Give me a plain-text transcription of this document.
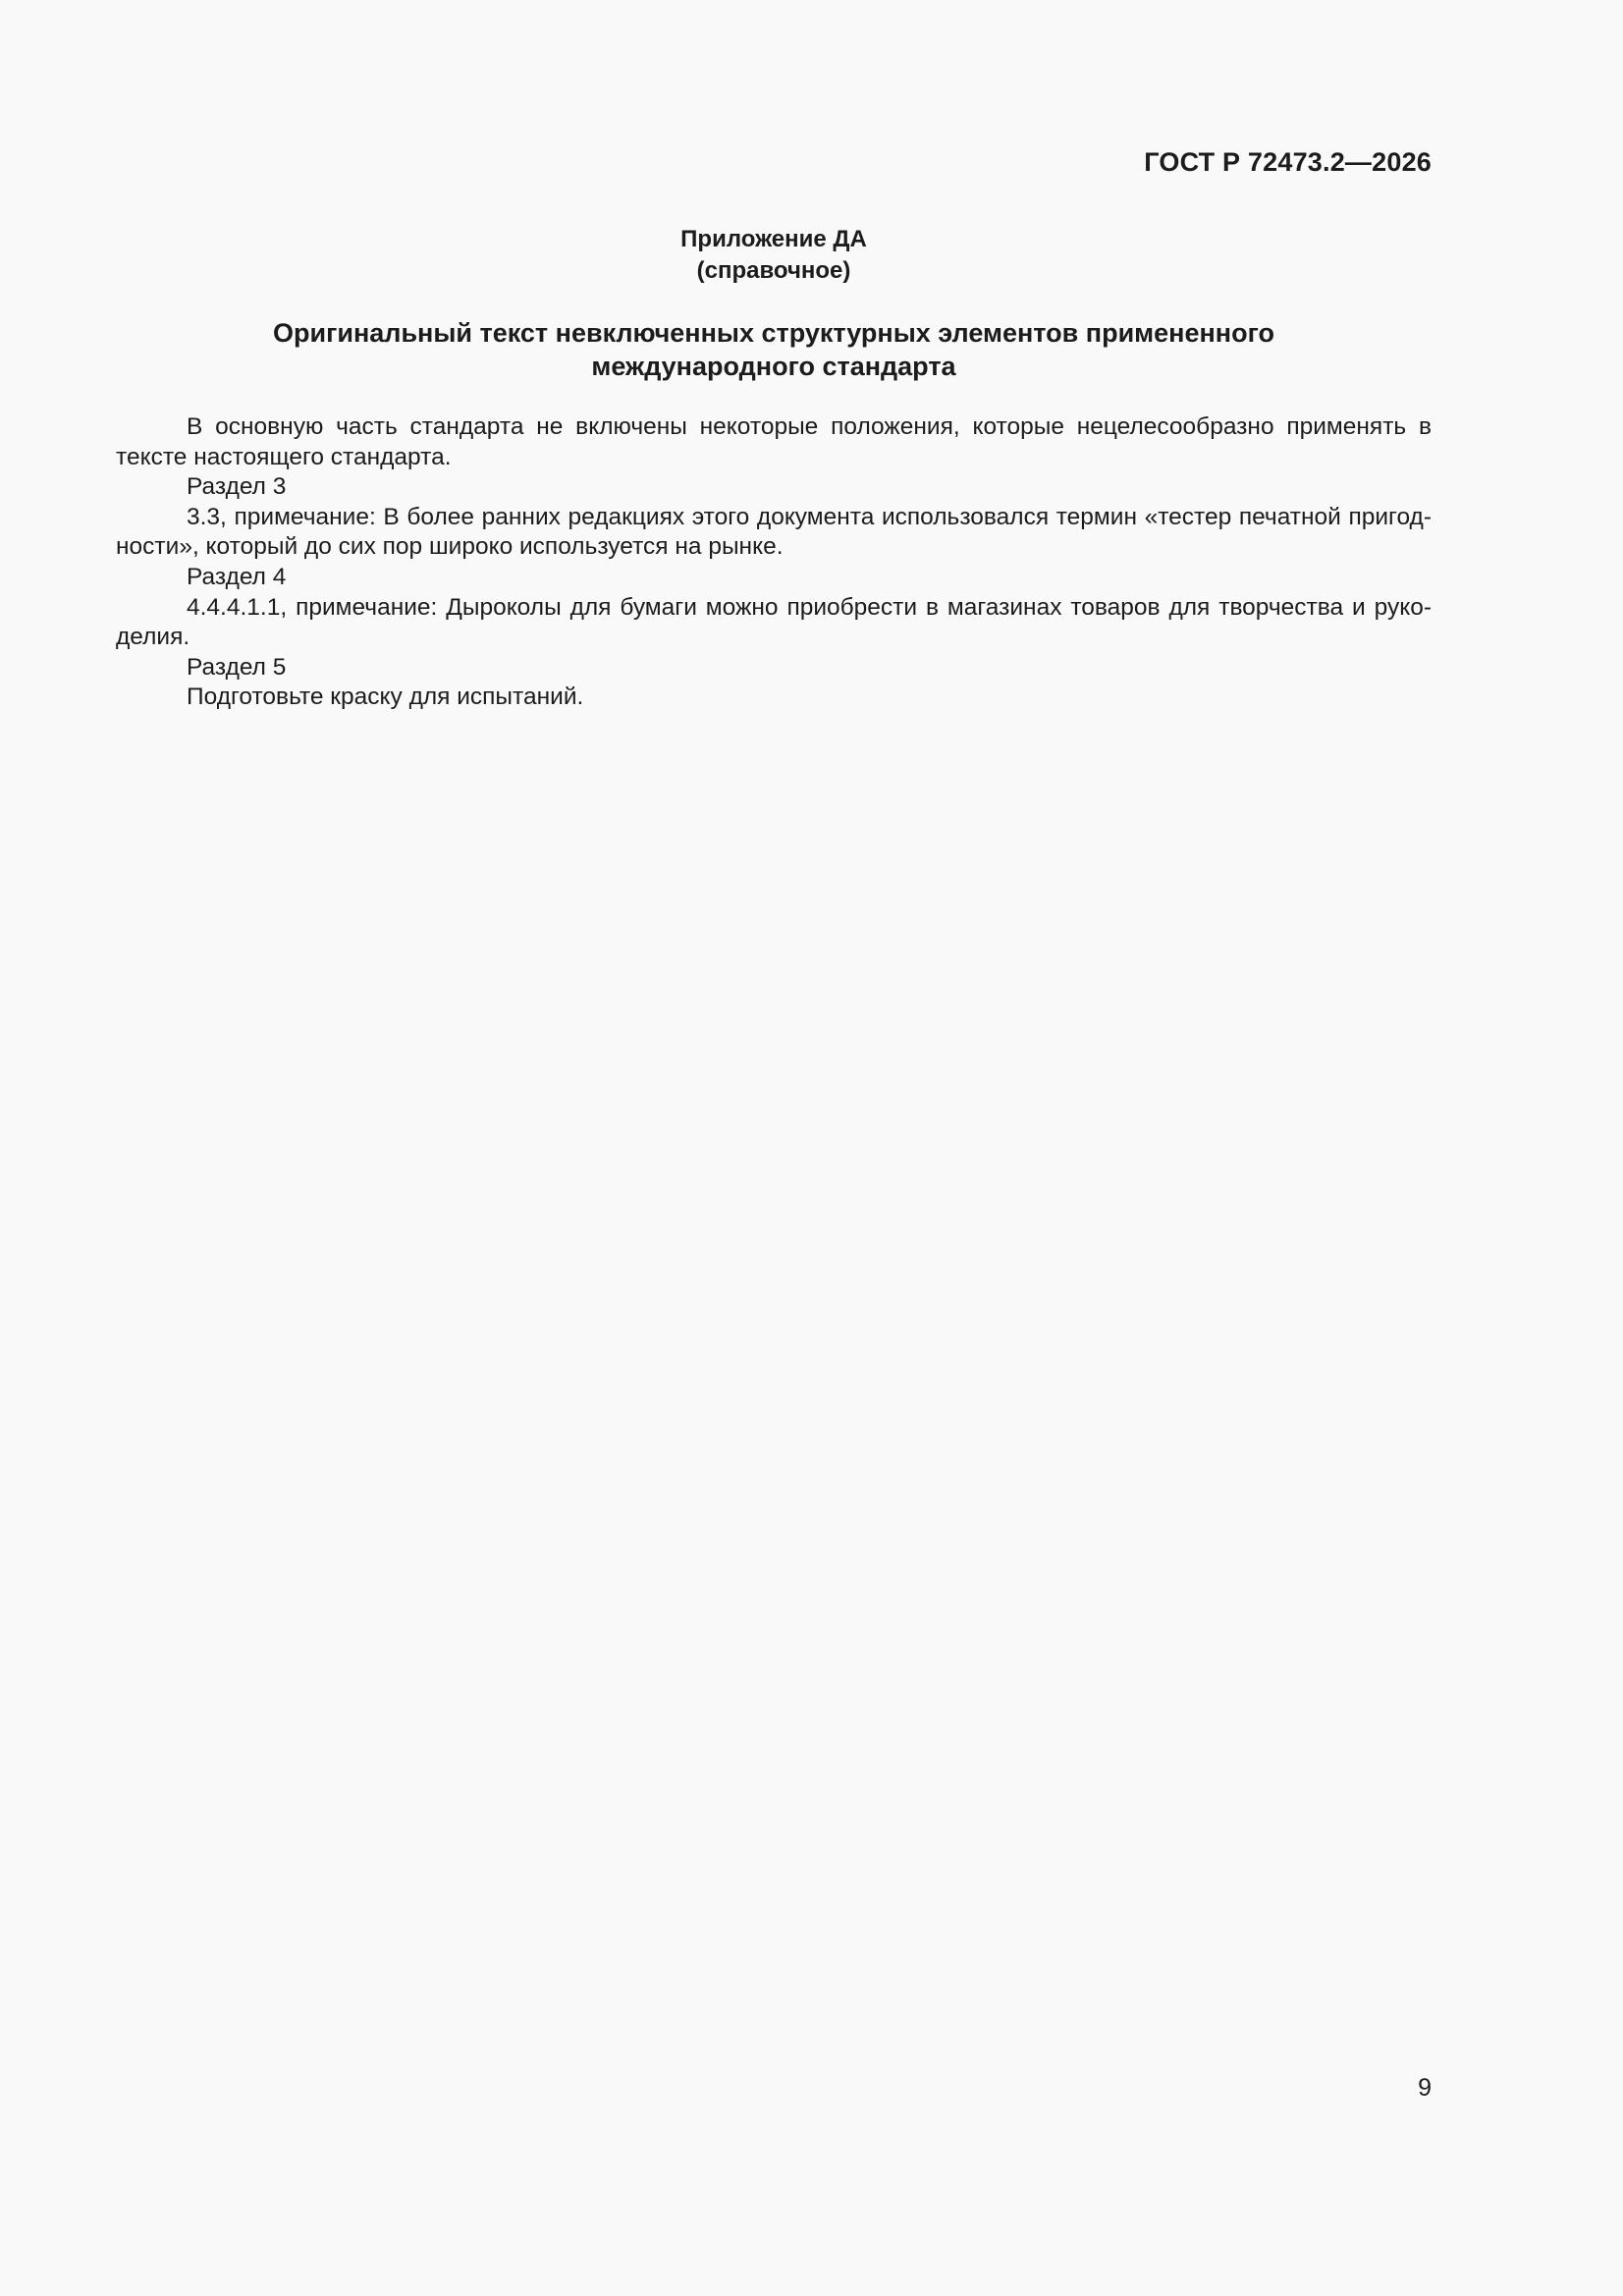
ГОСТ Р 72473.2—2026
Приложение ДА
(справочное)
Оригинальный текст невключенных структурных элементов примененного
международного стандарта

В основную часть стандарта не включены некоторые положения, которые нецелесообразно применять в тексте настоящего стандарта.

Раздел 3

3.3, примечание: В более ранних редакциях этого документа использовался термин «тестер печатной пригод-ности», который до сих пор широко используется на рынке.

Раздел 4

4.4.4.1.1, примечание: Дыроколы для бумаги можно приобрести в магазинах товаров для творчества и руко-делия.

Раздел 5

Подготовьте краску для испытаний.

9
